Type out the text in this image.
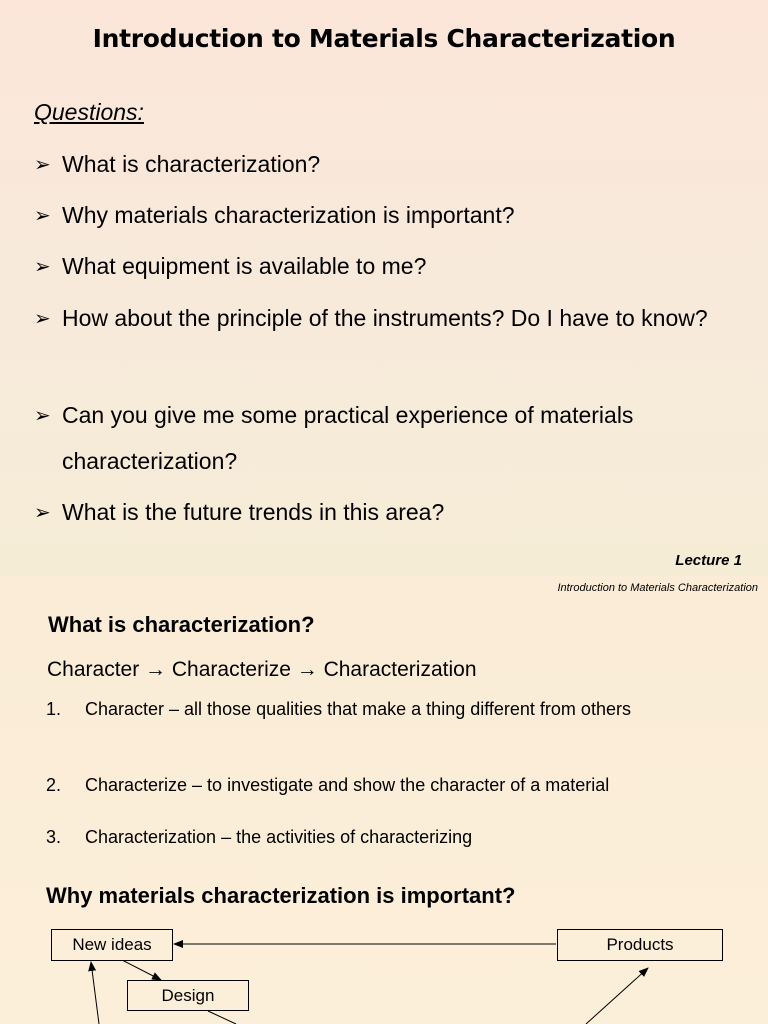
Introduction to Materials Characterization
Questions:
➢ What is characterization?
➢ Why materials characterization is important?
➢ What equipment is available to me?
➢ How about the principle of the instruments? Do I have to know?
➢ Can you give me some practical experience of materials characterization?
➢ What is the future trends in this area?
Lecture 1
Introduction to Materials Characterization
What is characterization?
Character → Characterize → Characterization
1.	Character – all those qualities that make a thing different from others
2.	Characterize – to investigate and show the character of a material
3.	Characterization – the activities of characterizing
Why materials characterization is important?
New ideas	Products
Design
